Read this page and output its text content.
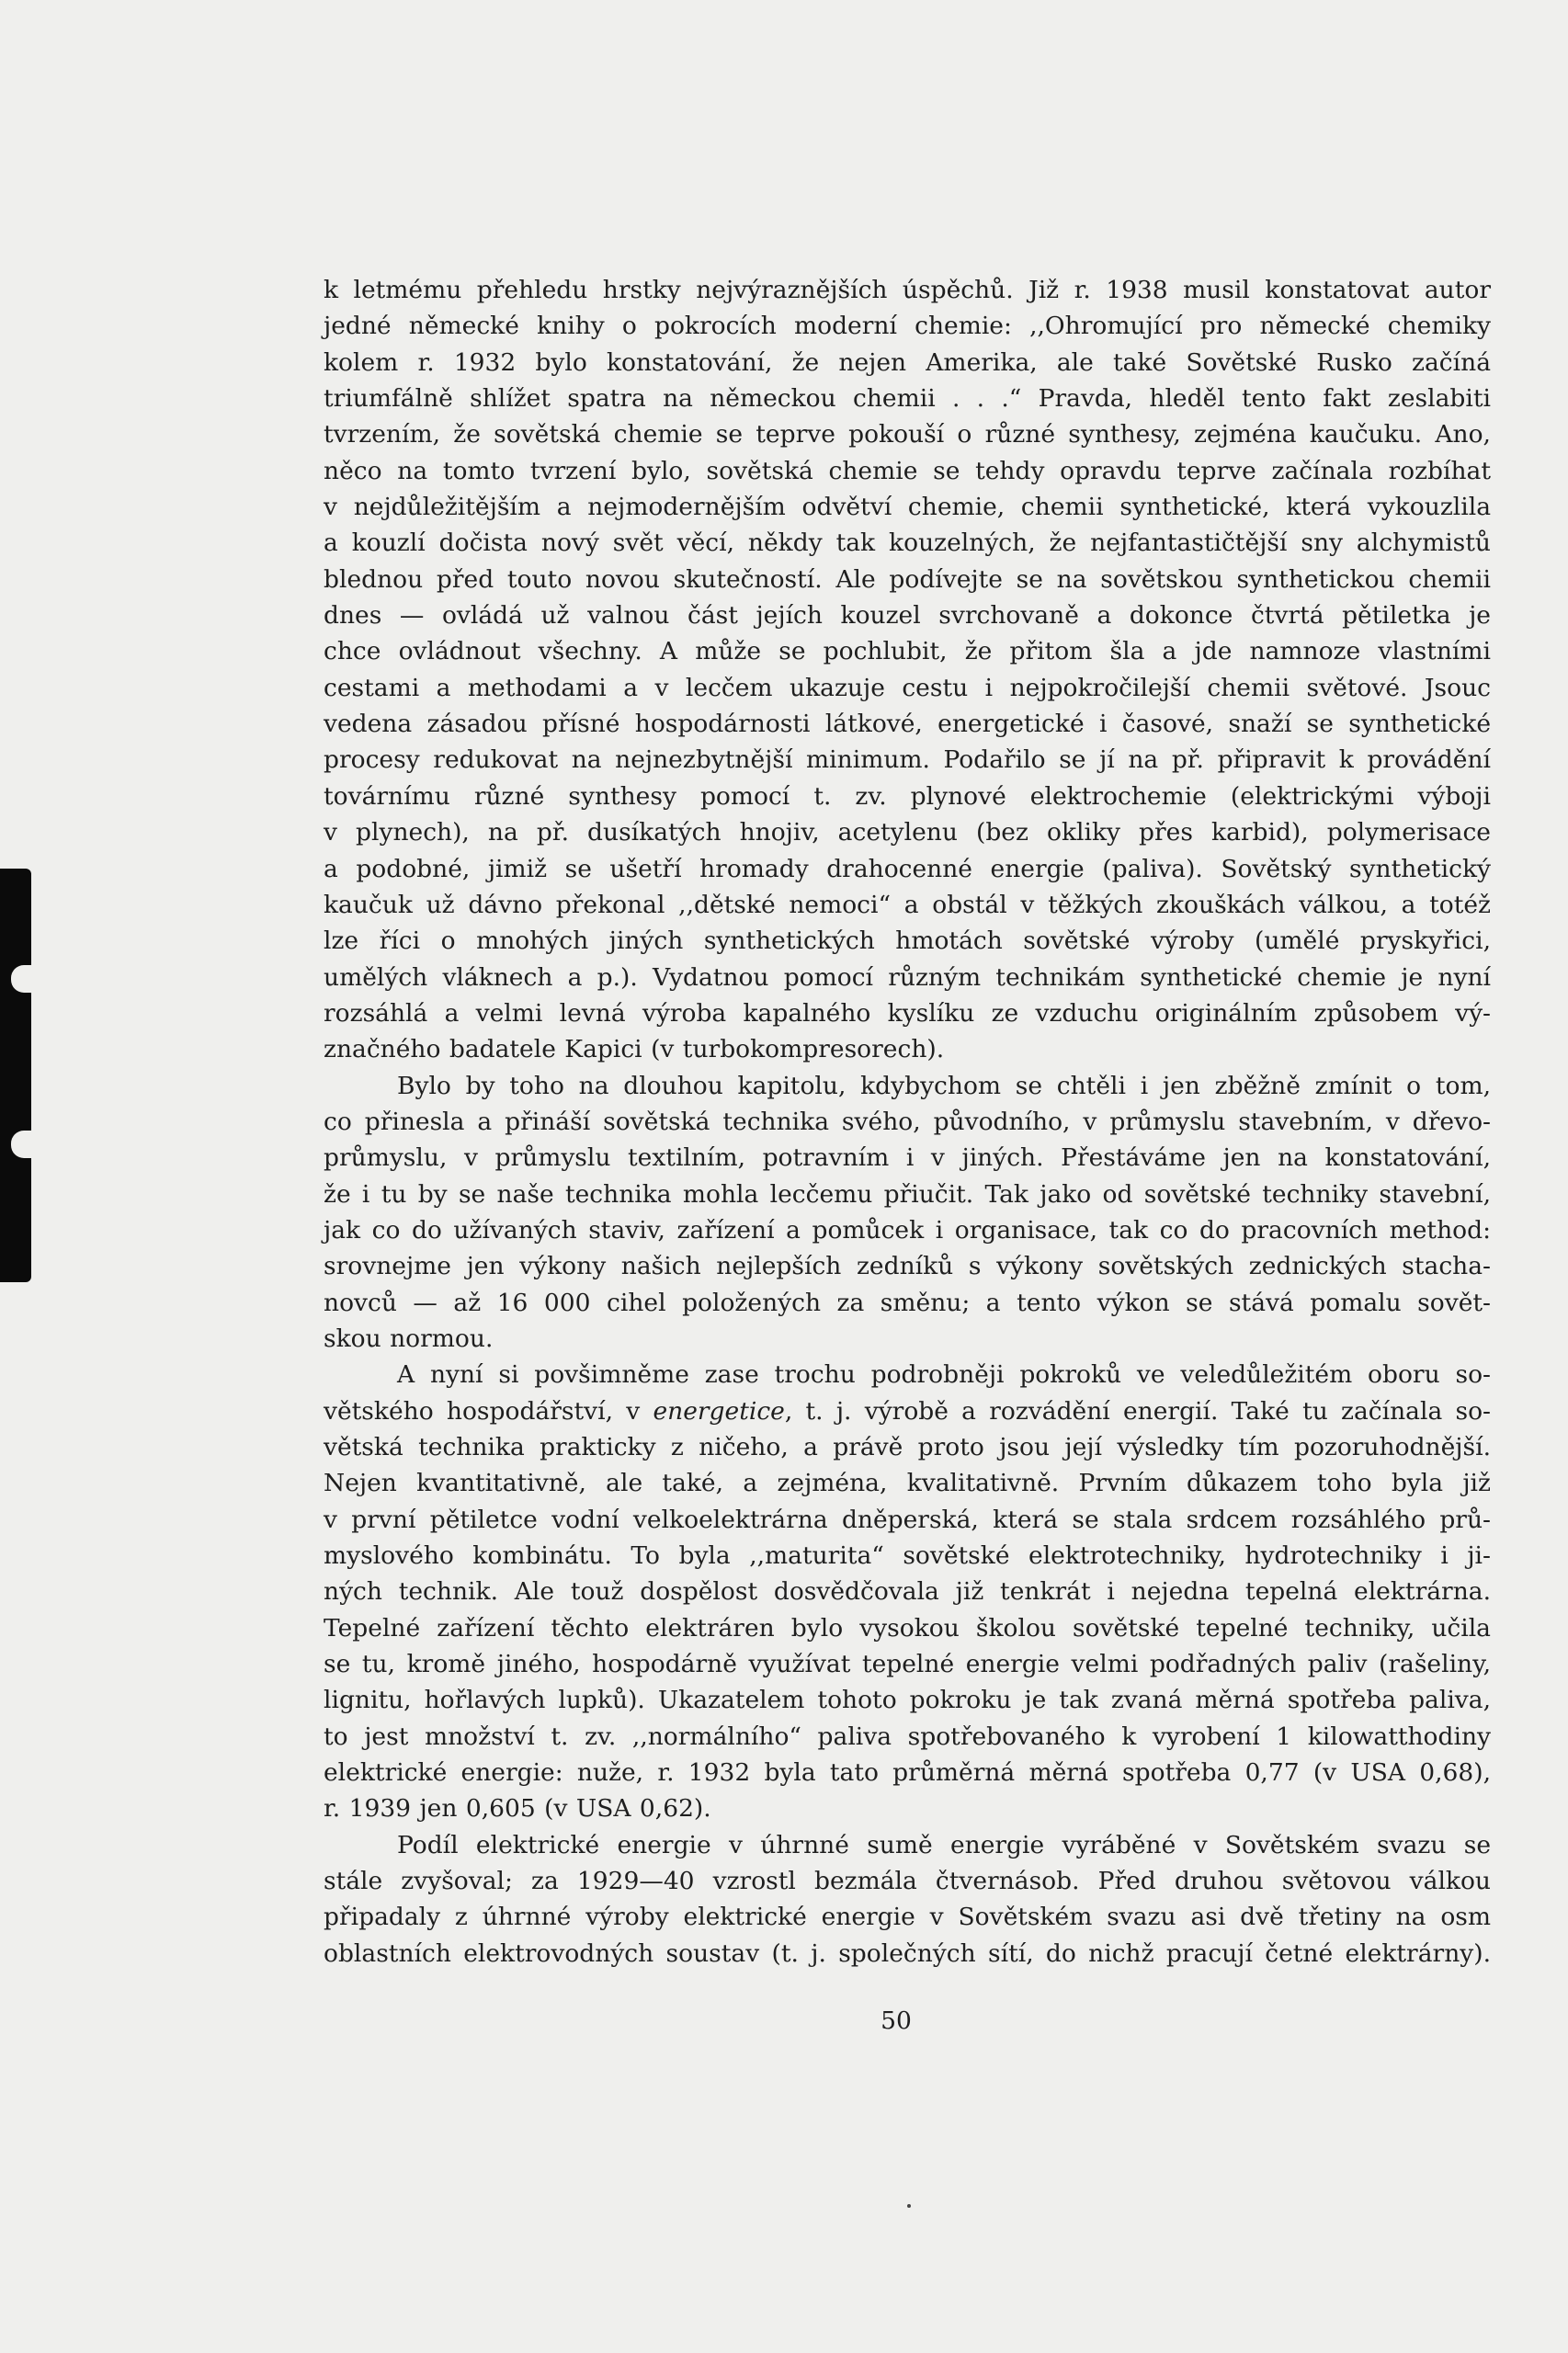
k letmému přehledu hrstky nejvýraznějších úspěchů. Již r. 1938 musil konstatovat autor
jedné německé knihy o pokrocích moderní chemie: ,,Ohromující pro německé chemiky
kolem r. 1932 bylo konstatování, že nejen Amerika, ale také Sovětské Rusko začíná
triumfálně shlížet spatra na německou chemii . . .“ Pravda, hleděl tento fakt zeslabiti
tvrzením, že sovětská chemie se teprve pokouší o různé synthesy, zejména kaučuku. Ano,
něco na tomto tvrzení bylo, sovětská chemie se tehdy opravdu teprve začínala rozbíhat
v nejdůležitějším a nejmodernějším odvětví chemie, chemii synthetické, která vykouzlila
a kouzlí dočista nový svět věcí, někdy tak kouzelných, že nejfantastičtější sny alchymistů
blednou před touto novou skutečností. Ale podívejte se na sovětskou synthetickou chemii
dnes — ovládá už valnou část jejích kouzel svrchovaně a dokonce čtvrtá pětiletka je
chce ovládnout všechny. A může se pochlubit, že přitom šla a jde namnoze vlastními
cestami a methodami a v lecčem ukazuje cestu i nejpokročilejší chemii světové. Jsouc
vedena zásadou přísné hospodárnosti látkové, energetické i časové, snaží se synthetické
procesy redukovat na nejnezbytnější minimum. Podařilo se jí na př. připravit k provádění
továrnímu různé synthesy pomocí t. zv. plynové elektrochemie (elektrickými výboji
v plynech), na př. dusíkatých hnojiv, acetylenu (bez okliky přes karbid), polymerisace
a podobné, jimiž se ušetří hromady drahocenné energie (paliva). Sovětský synthetický
kaučuk už dávno překonal ,,dětské nemoci“ a obstál v těžkých zkouškách válkou, a totéž
lze říci o mnohých jiných synthetických hmotách sovětské výroby (umělé pryskyřici,
umělých vláknech a p.). Vydatnou pomocí různým technikám synthetické chemie je nyní
rozsáhlá a velmi levná výroba kapalného kyslíku ze vzduchu originálním způsobem vý-
značného badatele Kapici (v turbokompresorech).
Bylo by toho na dlouhou kapitolu, kdybychom se chtěli i jen zběžně zmínit o tom,
co přinesla a přináší sovětská technika svého, původního, v průmyslu stavebním, v dřevo-
průmyslu, v průmyslu textilním, potravním i v jiných. Přestáváme jen na konstatování,
že i tu by se naše technika mohla lecčemu přiučit. Tak jako od sovětské techniky stavební,
jak co do užívaných staviv, zařízení a pomůcek i organisace, tak co do pracovních method:
srovnejme jen výkony našich nejlepších zedníků s výkony sovětských zednických stacha-
novců — až 16 000 cihel položených za směnu; a tento výkon se stává pomalu sovět-
skou normou.
A nyní si povšimněme zase trochu podrobněji pokroků ve veledůležitém oboru so-
větského hospodářství, v energetice, t. j. výrobě a rozvádění energií. Také tu začínala so-
větská technika prakticky z ničeho, a právě proto jsou její výsledky tím pozoruhodnější.
Nejen kvantitativně, ale také, a zejména, kvalitativně. Prvním důkazem toho byla již
v první pětiletce vodní velkoelektrárna dněperská, která se stala srdcem rozsáhlého prů-
myslového kombinátu. To byla ,,maturita“ sovětské elektrotechniky, hydrotechniky i ji-
ných technik. Ale touž dospělost dosvědčovala již tenkrát i nejedna tepelná elektrárna.
Tepelné zařízení těchto elektráren bylo vysokou školou sovětské tepelné techniky, učila
se tu, kromě jiného, hospodárně využívat tepelné energie velmi podřadných paliv (rašeliny,
lignitu, hořlavých lupků). Ukazatelem tohoto pokroku je tak zvaná měrná spotřeba paliva,
to jest množství t. zv. ,,normálního“ paliva spotřebovaného k vyrobení 1 kilowatthodiny
elektrické energie: nuže, r. 1932 byla tato průměrná měrná spotřeba 0,77 (v USA 0,68),
r. 1939 jen 0,605 (v USA 0,62).
Podíl elektrické energie v úhrnné sumě energie vyráběné v Sovětském svazu se
stále zvyšoval; za 1929—40 vzrostl bezmála čtvernásob. Před druhou světovou válkou
připadaly z úhrnné výroby elektrické energie v Sovětském svazu asi dvě třetiny na osm
oblastních elektrovodných soustav (t. j. společných sítí, do nichž pracují četné elektrárny).
50
